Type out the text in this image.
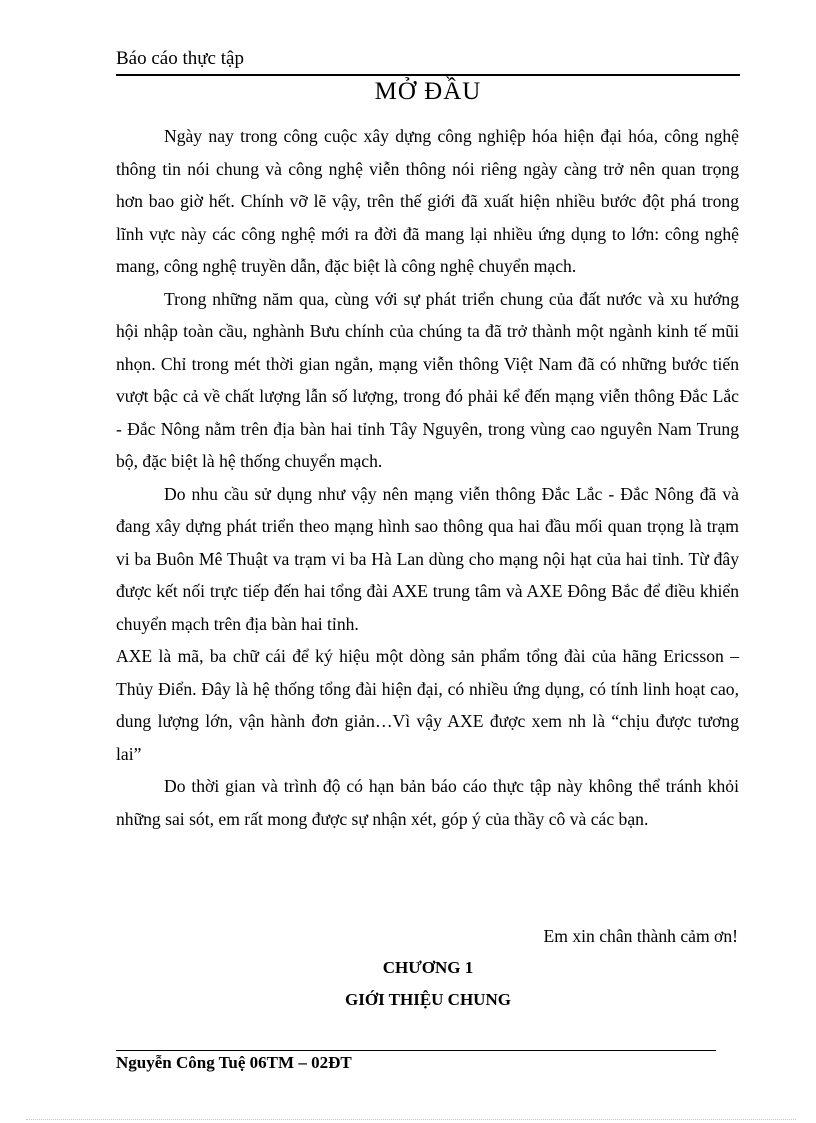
Báo cáo thực tập
MỞ ĐẦU

Ngày nay trong công cuộc xây dựng công nghiệp hóa hiện đại hóa, công nghệ thông tin nói chung và công nghệ viễn thông nói riêng ngày càng trở nên quan trọng hơn bao giờ hết. Chính vỡ lẽ vậy, trên thế giới đã xuất hiện nhiều bước đột phá trong lĩnh vực này các công nghệ mới ra đời đã mang lại nhiều ứng dụng to lớn: công nghệ mang, công nghệ truyền dẫn, đặc biệt là công nghệ chuyển mạch.

Trong những năm qua, cùng với sự phát triển chung của đất nước và xu hướng hội nhập toàn cầu, nghành Bưu chính của chúng ta đã trở thành một ngành kinh tế mũi nhọn. Chỉ trong mét thời gian ngắn, mạng viễn thông Việt Nam đã có những bước tiến vượt bậc cả về chất lượng lẫn số lượng, trong đó phải kể đến mạng viễn thông Đắc Lắc - Đắc Nông nằm trên địa bàn hai tỉnh Tây Nguyên, trong vùng cao nguyên Nam Trung bộ, đặc biệt là hệ thống chuyển mạch.

Do nhu cầu sử dụng như vậy nên mạng viễn thông Đắc Lắc - Đắc Nông đã và đang xây dựng phát triển theo mạng hình sao thông qua hai đầu mối quan trọng là trạm vi ba Buôn Mê Thuật va trạm vi ba Hà Lan dùng cho mạng nội hạt của hai tỉnh. Từ đây được kết nối trực tiếp đến hai tổng đài AXE trung tâm và AXE Đông Bắc để điều khiển chuyển mạch trên địa bàn hai tỉnh.

AXE là mã, ba chữ cái để ký hiệu một dòng sản phẩm tổng đài của hãng Ericsson – Thủy Điển. Đây là hệ thống tổng đài hiện đại, có nhiều ứng dụng, có tính linh hoạt cao, dung lượng lớn, vận hành đơn giản…Vì vậy AXE được xem nh là “chịu được tương lai”

Do thời gian và trình độ có hạn bản báo cáo thực tập này không thể tránh khỏi những sai sót, em rất mong được sự nhận xét, góp ý của thầy cô và các bạn.

Em xin chân thành cảm ơn!
CHƯƠNG 1
GIỚI THIỆU CHUNG
Nguyễn Công Tuệ 06TM – 02ĐT
